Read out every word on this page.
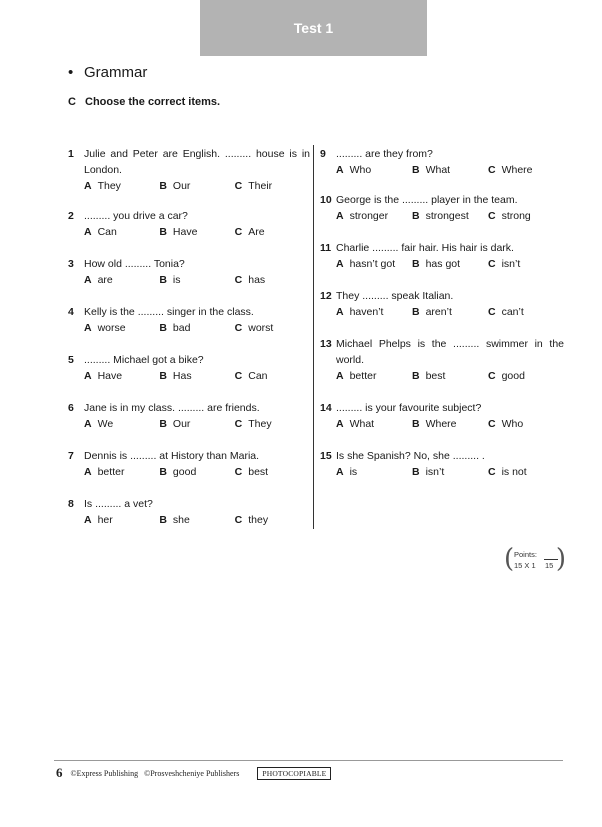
Test 1
• Grammar
C Choose the correct items.
1 Julie and Peter are English. ......... house is in London.
A They	B Our	C Their
2 ......... you drive a car?
A Can	B Have	C Are
3 How old ......... Tonia?
A are	B is	C has
4 Kelly is the ......... singer in the class.
A worse	B bad	C worst
5 ......... Michael got a bike?
A Have	B Has	C Can
6 Jane is in my class. ......... are friends.
A We	B Our	C They
7 Dennis is ......... at History than Maria.
A better	B good	C best
8 Is ......... a vet?
A her	B she	C they
9 ......... are they from?
A Who	B What	C Where
10 George is the ......... player in the team.
A stronger	B strongest	C strong
11 Charlie ......... fair hair. His hair is dark.
A hasn’t got	B has got	C isn’t
12 They ......... speak Italian.
A haven’t	B aren’t	C can’t
13 Michael Phelps is the ......... swimmer in the world.
A better	B best	C good
14 ......... is your favourite subject?
A What	B Where	C Who
15 Is she Spanish? No, she ......... .
A is	B isn’t	C is not
( Points:
15 X 1 15 )
6 ©Express Publishing ©Prosveshcheniye Publishers	PHOTOCOPIABLE
